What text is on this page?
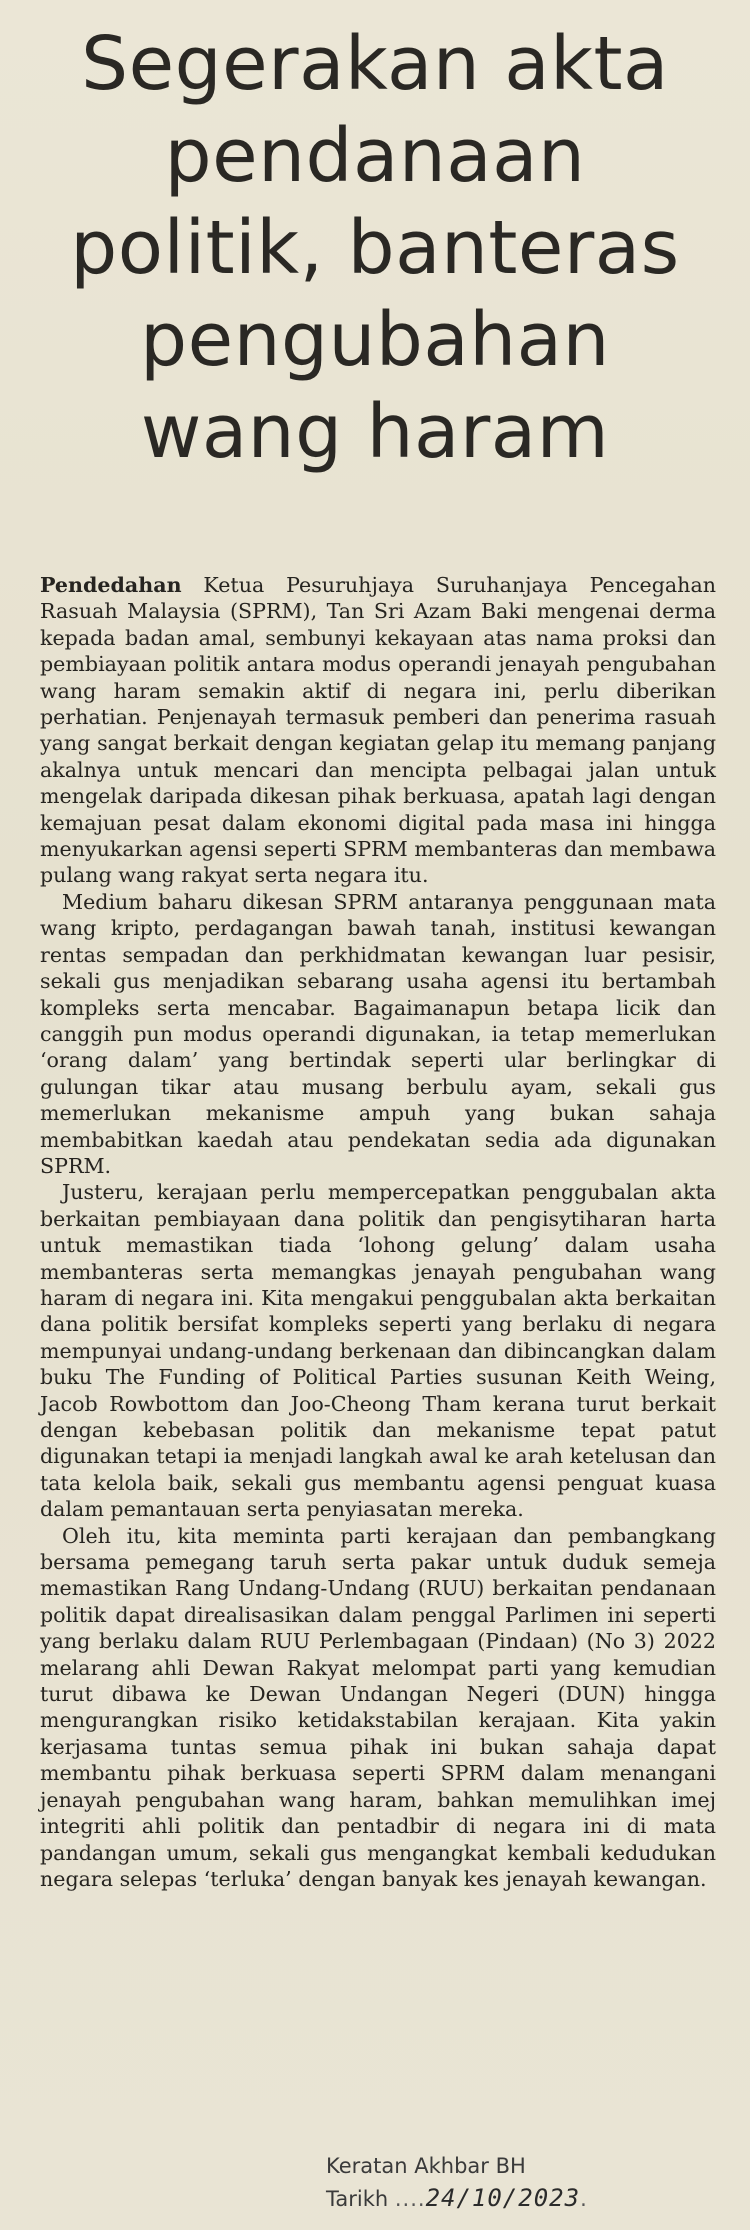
Segerakan akta
pendanaan
politik, banteras
pengubahan
wang haram

Pendedahan Ketua Pesuruhjaya Suruhanjaya Pencegahan Rasuah Malaysia (SPRM), Tan Sri Azam Baki mengenai derma kepada badan amal, sembunyi kekayaan atas nama proksi dan pembiayaan politik antara modus operandi jenayah pengubahan wang haram semakin aktif di negara ini, perlu diberikan perhatian. Penjenayah termasuk pemberi dan penerima rasuah yang sangat berkait dengan kegiatan gelap itu memang panjang akalnya untuk mencari dan mencipta pelbagai jalan untuk mengelak daripada dikesan pihak berkuasa, apatah lagi dengan kemajuan pesat dalam ekonomi digital pada masa ini hingga menyukarkan agensi seperti SPRM membanteras dan membawa pulang wang rakyat serta negara itu.

Medium baharu dikesan SPRM antaranya penggunaan mata wang kripto, perdagangan bawah tanah, institusi kewangan rentas sempadan dan perkhidmatan kewangan luar pesisir, sekali gus menjadikan sebarang usaha agensi itu bertambah kompleks serta mencabar. Bagaimanapun betapa licik dan canggih pun modus operandi digunakan, ia tetap memerlukan ‘orang dalam’ yang bertindak seperti ular berlingkar di gulungan tikar atau musang berbulu ayam, sekali gus memerlukan mekanisme ampuh yang bukan sahaja membabitkan kaedah atau pendekatan sedia ada digunakan SPRM.

Justeru, kerajaan perlu mempercepatkan penggubalan akta berkaitan pembiayaan dana politik dan pengisytiharan harta untuk memastikan tiada ‘lohong gelung’ dalam usaha membanteras serta memangkas jenayah pengubahan wang haram di negara ini. Kita mengakui penggubalan akta berkaitan dana politik bersifat kompleks seperti yang berlaku di negara mempunyai undang-undang berkenaan dan dibincangkan dalam buku The Funding of Political Parties susunan Keith Weing, Jacob Rowbottom dan Joo-Cheong Tham kerana turut berkait dengan kebebasan politik dan mekanisme tepat patut digunakan tetapi ia menjadi langkah awal ke arah ketelusan dan tata kelola baik, sekali gus membantu agensi penguat kuasa dalam pemantauan serta penyiasatan mereka.

Oleh itu, kita meminta parti kerajaan dan pembangkang bersama pemegang taruh serta pakar untuk duduk semeja memastikan Rang Undang-Undang (RUU) berkaitan pendanaan politik dapat direalisasikan dalam penggal Parlimen ini seperti yang berlaku dalam RUU Perlembagaan (Pindaan) (No 3) 2022 melarang ahli Dewan Rakyat melompat parti yang kemudian turut dibawa ke Dewan Undangan Negeri (DUN) hingga mengurangkan risiko ketidakstabilan kerajaan. Kita yakin kerjasama tuntas semua pihak ini bukan sahaja dapat membantu pihak berkuasa seperti SPRM dalam menangani jenayah pengubahan wang haram, bahkan memulihkan imej integriti ahli politik dan pentadbir di negara ini di mata pandangan umum, sekali gus mengangkat kembali kedudukan negara selepas ‘terluka’ dengan banyak kes jenayah kewangan.

Keratan Akhbar BH
Tarikh ....24/10/2023.
